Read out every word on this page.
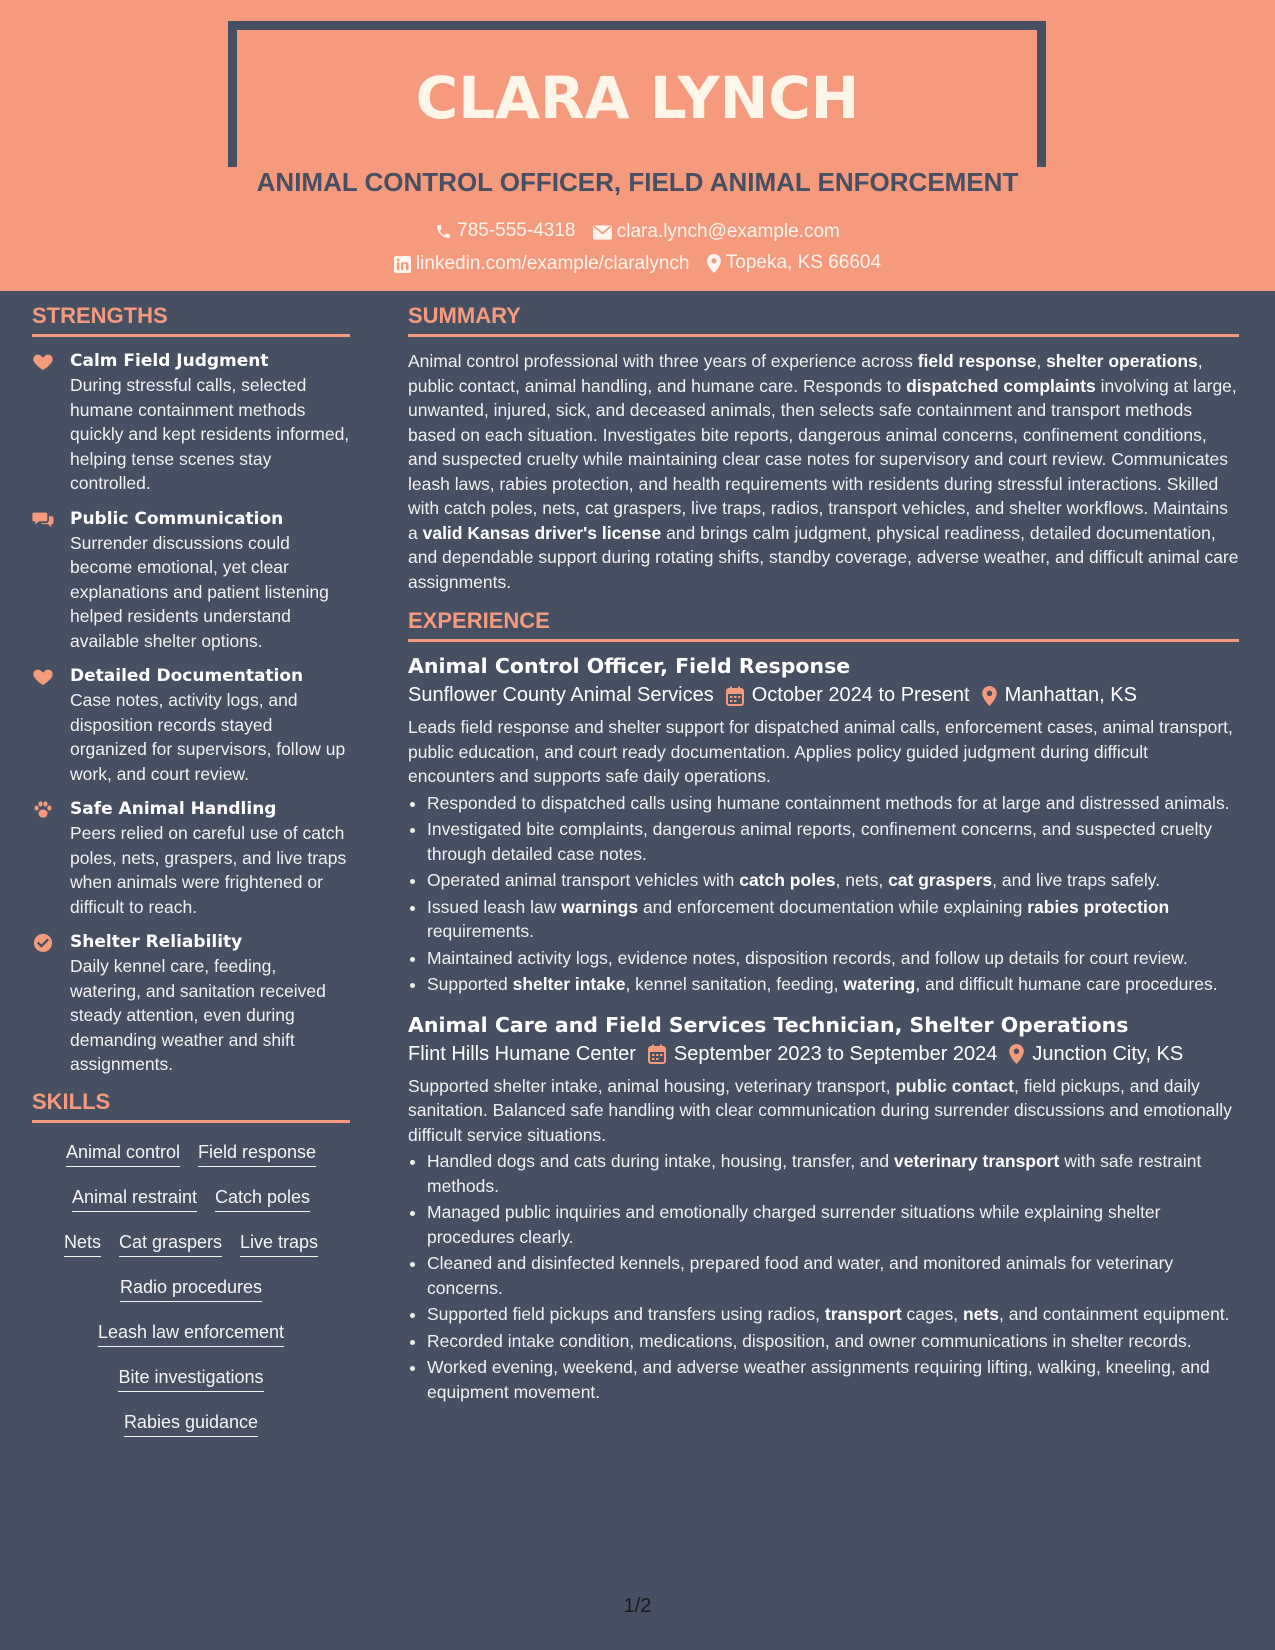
CLARA LYNCH
ANIMAL CONTROL OFFICER, FIELD ANIMAL ENFORCEMENT
785-555-4318
clara.lynch@example.com
linkedin.com/example/claralynch
Topeka, KS 66604
STRENGTHS
Calm Field Judgment
During stressful calls, selected humane containment methods quickly and kept residents informed, helping tense scenes stay controlled.
Public Communication
Surrender discussions could become emotional, yet clear explanations and patient listening helped residents understand available shelter options.
Detailed Documentation
Case notes, activity logs, and disposition records stayed organized for supervisors, follow up work, and court review.
Safe Animal Handling
Peers relied on careful use of catch poles, nets, graspers, and live traps when animals were frightened or difficult to reach.
Shelter Reliability
Daily kennel care, feeding, watering, and sanitation received steady attention, even during demanding weather and shift assignments.
SKILLS
Animal control Field response
Animal restraint Catch poles
Nets Cat graspers Live traps
Radio procedures
Leash law enforcement
Bite investigations
Rabies guidance
SUMMARY

Animal control professional with three years of experience across field response, shelter operations, public contact, animal handling, and humane care. Responds to dispatched complaints involving at large, unwanted, injured, sick, and deceased animals, then selects safe containment and transport methods based on each situation. Investigates bite reports, dangerous animal concerns, confinement conditions, and suspected cruelty while maintaining clear case notes for supervisory and court review. Communicates leash laws, rabies protection, and health requirements with residents during stressful interactions. Skilled with catch poles, nets, cat graspers, live traps, radios, transport vehicles, and shelter workflows. Maintains a valid Kansas driver's license and brings calm judgment, physical readiness, detailed documentation, and dependable support during rotating shifts, standby coverage, adverse weather, and difficult animal care assignments.

EXPERIENCE
Animal Control Officer, Field Response
Sunflower County Animal Services October 2024 to Present Manhattan, KS
Leads field response and shelter support for dispatched animal calls, enforcement cases, animal transport, public education, and court ready documentation. Applies policy guided judgment during difficult encounters and supports safe daily operations.
• Responded to dispatched calls using humane containment methods for at large and distressed animals.
• Investigated bite complaints, dangerous animal reports, confinement concerns, and suspected cruelty through detailed case notes.
• Operated animal transport vehicles with catch poles, nets, cat graspers, and live traps safely.
• Issued leash law warnings and enforcement documentation while explaining rabies protection requirements.
• Maintained activity logs, evidence notes, disposition records, and follow up details for court review.
• Supported shelter intake, kennel sanitation, feeding, watering, and difficult humane care procedures.
Animal Care and Field Services Technician, Shelter Operations
Flint Hills Humane Center September 2023 to September 2024 Junction City, KS
Supported shelter intake, animal housing, veterinary transport, public contact, field pickups, and daily sanitation. Balanced safe handling with clear communication during surrender discussions and emotionally difficult service situations.
• Handled dogs and cats during intake, housing, transfer, and veterinary transport with safe restraint methods.
• Managed public inquiries and emotionally charged surrender situations while explaining shelter procedures clearly.
• Cleaned and disinfected kennels, prepared food and water, and monitored animals for veterinary concerns.
• Supported field pickups and transfers using radios, transport cages, nets, and containment equipment.
• Recorded intake condition, medications, disposition, and owner communications in shelter records.
• Worked evening, weekend, and adverse weather assignments requiring lifting, walking, kneeling, and equipment movement.
1/2
